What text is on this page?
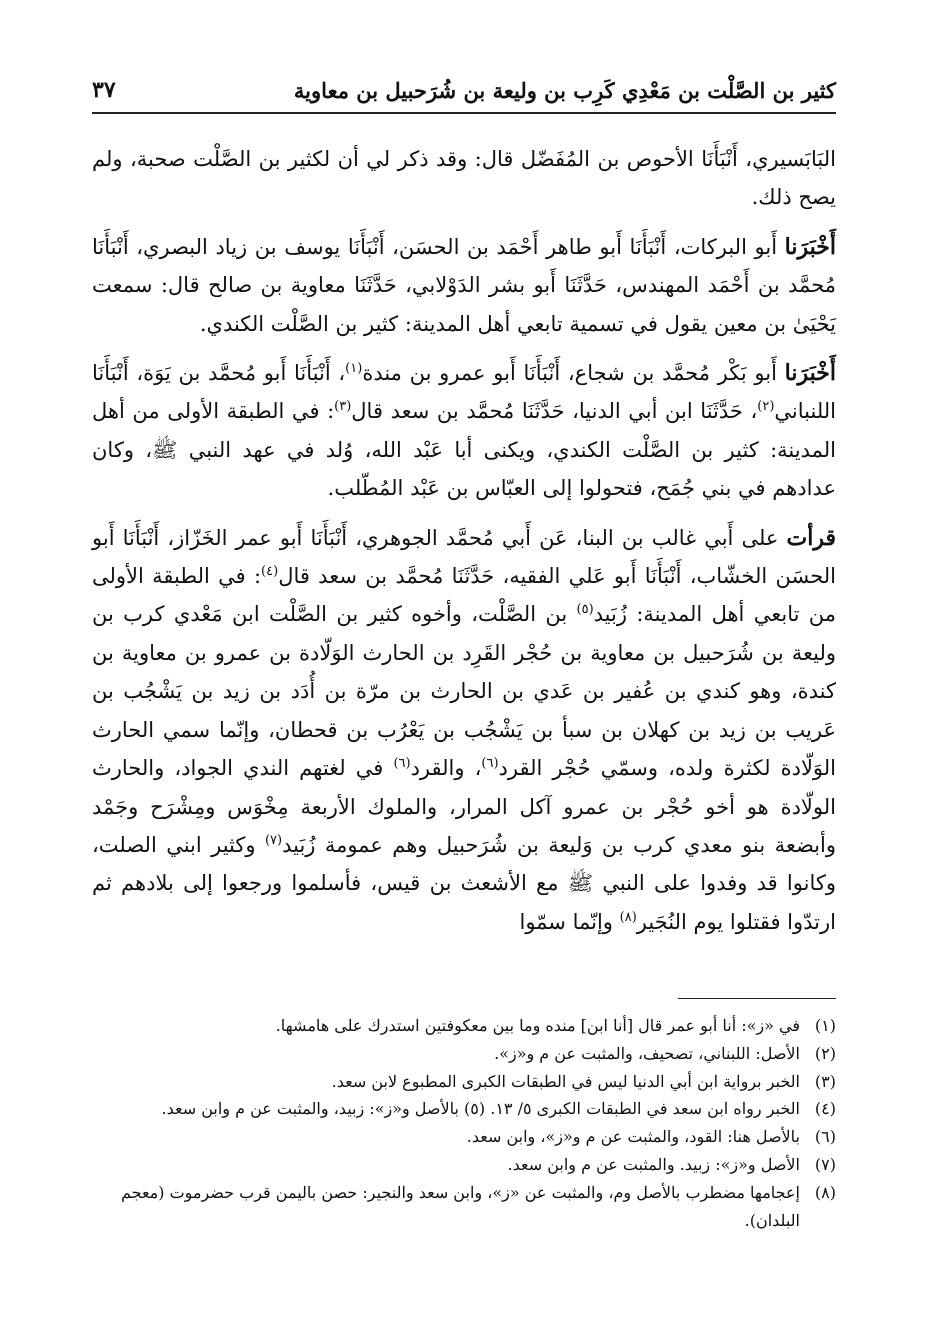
كثير بن الصَّلْت بن مَعْدِي كَرِب بن وليعة بن شُرَحبيل بن معاوية
٣٧

البَابَسيري، أَنْبَأَنَا الأحوص بن المُفَضّل قال: وقد ذكر لي أن لكثير بن الصَّلْت صحبة، ولم يصح ذلك.

أَخْبَرَنا أَبو البركات، أَنْبَأَنَا أَبو طاهر أَحْمَد بن الحسَن، أَنْبَأَنَا يوسف بن زياد البصري، أَنْبَأَنَا مُحمَّد بن أَحْمَد المهندس، حَدَّثَنَا أَبو بشر الدَوْلابي، حَدَّثَنَا معاوية بن صالح قال: سمعت يَحْيَىٰ بن معين يقول في تسمية تابعي أهل المدينة: كثير بن الصَّلْت الكندي.

أَخْبَرَنا أَبو بَكْر مُحمَّد بن شجاع، أَنْبَأَنَا أَبو عمرو بن مندة$^{(١)}$، أَنْبَأَنَا أَبو مُحمَّد بن يَوَة، أَنْبَأَنَا اللنباني$^{(٢)}$، حَدَّثَنَا ابن أبي الدنيا، حَدَّثَنَا مُحمَّد بن سعد قال$^{(٣)}$: في الطبقة الأولى من أهل المدينة: كثير بن الصَّلْت الكندي، ويكنى أبا عَبْد الله، وُلد في عهد النبي ﷺ، وكان عدادهم في بني جُمَح، فتحولوا إلى العبّاس بن عَبْد المُطّلب.

قرأت على أَبي غالب بن البنا، عَن أَبي مُحمَّد الجوهري، أَنْبَأَنَا أَبو عمر الخَزّاز، أَنْبَأَنَا أَبو الحسَن الخشّاب، أَنْبَأَنَا أَبو عَلي الفقيه، حَدَّثَنَا مُحمَّد بن سعد قال$^{(٤)}$: في الطبقة الأولى من تابعي أهل المدينة: زُبَيد$^{(٥)}$ بن الصَّلْت، وأخوه كثير بن الصَّلْت ابن مَعْدي كرب بن وليعة بن شُرَحبيل بن معاوية بن حُجْر القَرِد بن الحارث الوَلّادة بن عمرو بن معاوية بن كندة، وهو كندي بن عُفير بن عَدي بن الحارث بن مرّة بن أُدَد بن زيد بن يَشْجُب بن عَريب بن زيد بن كهلان بن سبأ بن يَشْجُب بن يَعْرُب بن قحطان، وإنّما سمي الحارث الوَلّادة لكثرة ولده، وسمّي حُجْر القرد$^{(٦)}$، والقرد$^{(٦)}$ في لغتهم الندي الجواد، والحارث الولّادة هو أخو حُجْر بن عمرو آكل المرار، والملوك الأربعة مِخْوَس ومِشْرَح وجَمْد وأبضعة بنو معدي كرب بن وَليعة بن شُرَحبيل وهم عمومة زُبَيد$^{(٧)}$ وكثير ابني الصلت، وكانوا قد وفدوا على النبي ﷺ مع الأشعث بن قيس، فأسلموا ورجعوا إلى بلادهم ثم ارتدّوا فقتلوا يوم النُجَير$^{(٨)}$ وإنّما سمّوا

(١)
في «ز»: أنا أبو عمر قال [أنا ابن] منده وما بين معكوفتين استدرك على هامشها.
(٢)
الأصل: اللبناني، تصحيف، والمثبت عن م و«ز».
(٣)
الخبر برواية ابن أبي الدنيا ليس في الطبقات الكبرى المطبوع لابن سعد.
(٤)
الخبر رواه ابن سعد في الطبقات الكبرى ٥/ ١٣. (٥) بالأصل و«ز»: زبيد، والمثبت عن م وابن سعد.
(٦)
بالأصل هنا: القود، والمثبت عن م و«ز»، وابن سعد.
(٧)
الأصل و«ز»: زبيد. والمثبت عن م وابن سعد.
(٨)
إعجامها مضطرب بالأصل وم، والمثبت عن «ز»، وابن سعد والنجير: حصن باليمن قرب حضرموت (معجم البلدان).
